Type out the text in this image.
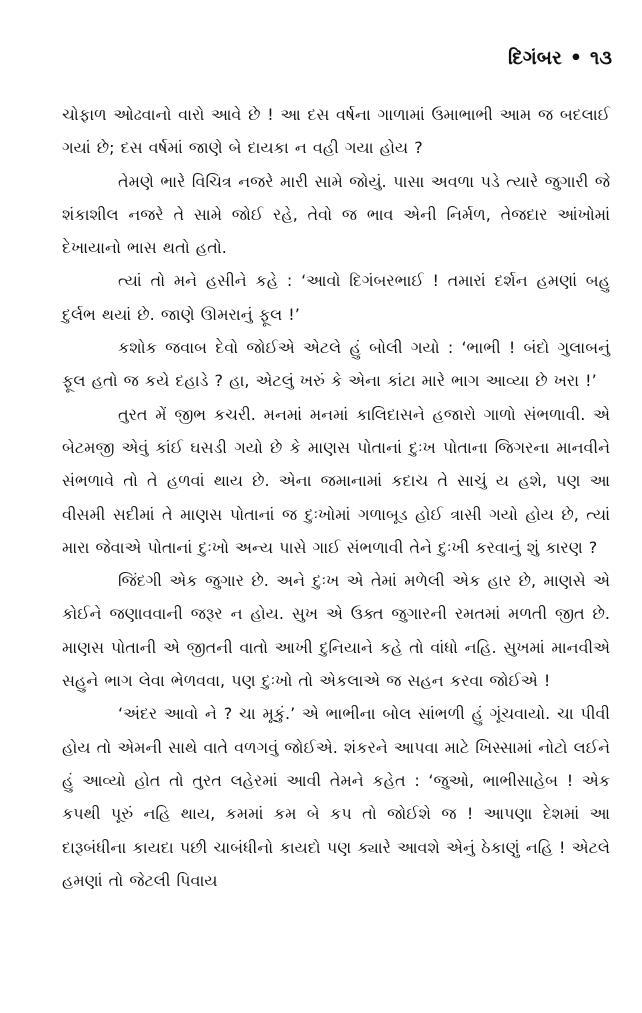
દિગંબર • ૧૩

ચોફાળ ઓઢવાનો વારો આવે છે ! આ દસ વર્ષના ગાળામાં ઉમાભાભી આમ જ બદલાઈ ગયાં છે; દસ વર્ષમાં જાણે બે દાયકા ન વહી ગયા હોય ?

તેમણે ભારે વિચિત્ર નજરે મારી સામે જોયું. પાસા અવળા પડે ત્યારે જુગારી જે શંકાશીલ નજરે તે સામે જોઈ રહે, તેવો જ ભાવ એની નિર્મળ, તેજદાર આંખોમાં દેખાયાનો ભાસ થતો હતો.

ત્યાં તો મને હસીને કહે : ‘આવો દિગંબરભાઈ ! તમારાં દર્શન હમણાં બહુ દુર્લભ થયાં છે. જાણે ઊમરાનું ફૂલ !’

કશોક જવાબ દેવો જોઈએ એટલે હું બોલી ગયો : ‘ભાભી ! બંદો ગુલાબનું ફૂલ હતો જ કયે દહાડે ? હા, એટલું ખરું કે એના કાંટા મારે ભાગ આવ્યા છે ખરા !’

તુરત મેં જીભ કચરી. મનમાં મનમાં કાલિદાસને હજારો ગાળો સંભળાવી. એ બેટમજી એવું કાંઈ ઘસડી ગયો છે કે માણસ પોતાનાં દુઃખ પોતાના જિગરના માનવીને સંભળાવે તો તે હળવાં થાય છે. એના જમાનામાં કદાચ તે સાચું ય હશે, પણ આ વીસમી સદીમાં તે માણસ પોતાનાં જ દુઃખોમાં ગળાબૂડ હોઈ ત્રાસી ગયો હોય છે, ત્યાં મારા જેવાએ પોતાનાં દુઃખો અન્ય પાસે ગાઈ સંભળાવી તેને દુઃખી કરવાનું શું કારણ ?

જિંદગી એક જુગાર છે. અને દુઃખ એ તેમાં મળેલી એક હાર છે, માણસે એ કોઈને જણાવવાની જરૂર ન હોય. સુખ એ ઉક્ત જુગારની રમતમાં મળતી જીત છે. માણસ પોતાની એ જીતની વાતો આખી દુનિયાને કહે તો વાંધો નહિ. સુખમાં માનવીએ સહુને ભાગ લેવા ભેળવવા, પણ દુઃખો તો એકલાએ જ સહન કરવા જોઈએ !

‘અંદર આવો ને ? ચા મૂકું.’ એ ભાભીના બોલ સાંભળી હું ગૂંચવાયો. ચા પીવી હોય તો એમની સાથે વાતે વળગવું જોઈએ. શંકરને આપવા માટે ખિસ્સામાં નોટો લઈને હું આવ્યો હોત તો તુરત લહેરમાં આવી તેમને કહેત : ‘જુઓ, ભાભીસાહેબ ! એક કપથી પૂરું નહિ થાય, કમમાં કમ બે કપ તો જોઈશે જ ! આપણા દેશમાં આ દારૂબંધીના કાયદા પછી ચાબંધીનો કાયદો પણ ક્યારે આવશે એનું ઠેકાણું નહિ ! એટલે હમણાં તો જેટલી પિવાય
